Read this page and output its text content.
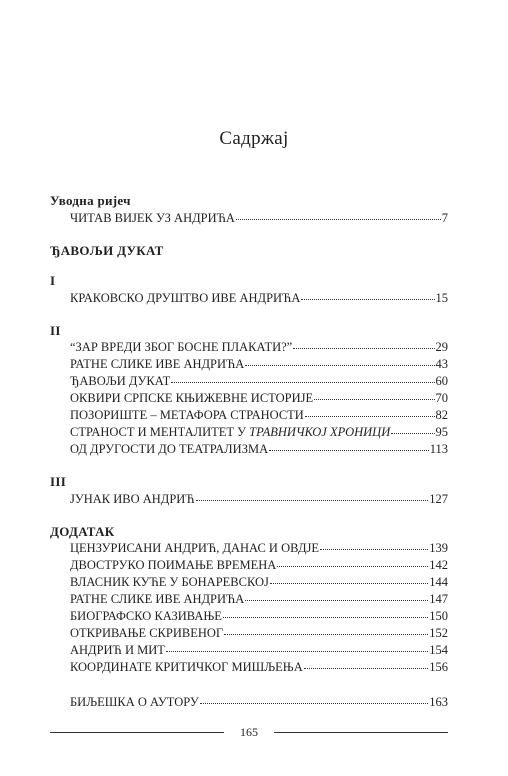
Садржај
Уводна ријеч
ЧИТАВ ВИЈЕК УЗ АНДРИЋА	7
ЂАВОЉИ ДУКАТ
I
КРАКОВСКО ДРУШТВО ИВЕ АНДРИЋА	15
II
“ЗАР ВРЕДИ ЗБОГ БОСНЕ ПЛАКАТИ?”	29
РАТНЕ СЛИКЕ ИВЕ АНДРИЋА	43
ЂАВОЉИ ДУКАТ	60
ОКВИРИ СРПСКЕ КЊИЖЕВНЕ ИСТОРИЈЕ	70
ПОЗОРИШТЕ – МЕТАФОРА СТРАНОСТИ	82
СТРАНОСТ И МЕНТАЛИТЕТ У ТРАВНИЧКОЈ ХРОНИЦИ	95
ОД ДРУГОСТИ ДО ТЕАТРАЛИЗМА	113
III
ЈУНАК ИВО АНДРИЋ	127
ДОДАТАК
ЦЕНЗУРИСАНИ АНДРИЋ, ДАНАС И ОВДЈЕ	139
ДВОСТРУКО ПОИМАЊЕ ВРЕМЕНА	142
ВЛАСНИК КУЋЕ У БОНАРЕВСКОЈ	144
РАТНЕ СЛИКЕ ИВЕ АНДРИЋА	147
БИОГРАФСКО КАЗИВАЊЕ	150
ОТКРИВАЊЕ СКРИВЕНОГ	152
АНДРИЋ И МИТ	154
КООРДИНАТЕ КРИТИЧКОГ МИШЉЕЊА	156
БИЉЕШКА О АУТОРУ	163
165
